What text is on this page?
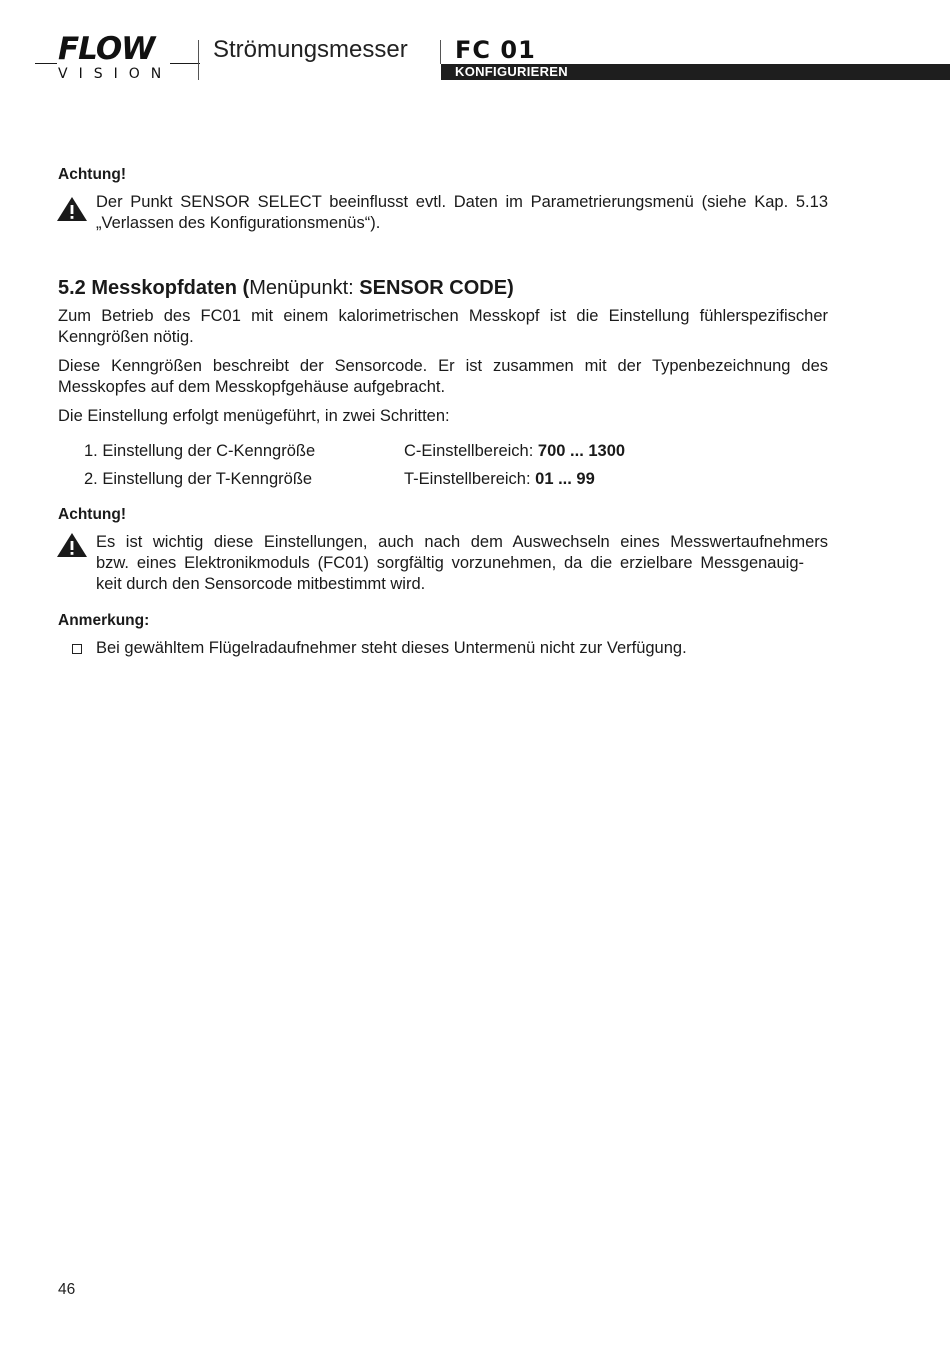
FLOW
VISION
Strömungsmesser FC 01
KONFIGURIEREN
Achtung!
Der Punkt SENSOR SELECT beeinflusst evtl. Daten im Parametrierungsmenü (siehe Kap. 5.13 „Verlassen des Konfigurationsmenüs“).
5.2 Messkopfdaten (Menüpunkt: SENSOR CODE)
Zum Betrieb des FC01 mit einem kalorimetrischen Messkopf ist die Einstellung fühlerspezifischer Kenngrößen nötig.
Diese Kenngrößen beschreibt der Sensorcode. Er ist zusammen mit der Typenbezeichnung des Messkopfes auf dem Messkopfgehäuse aufgebracht.
Die Einstellung erfolgt menügeführt, in zwei Schritten:
1. Einstellung der C-Kenngröße	C-Einstellbereich: 700 ... 1300
2. Einstellung der T-Kenngröße	T-Einstellbereich: 01 ... 99
Achtung!
Es ist wichtig diese Einstellungen, auch nach dem Auswechseln eines Messwertaufnehmers
bzw. eines Elektronikmoduls (FC01) sorgfältig vorzunehmen, da die erzielbare Messgenauig-
keit durch den Sensorcode mitbestimmt wird.
Anmerkung:
Bei gewähltem Flügelradaufnehmer steht dieses Untermenü nicht zur Verfügung.
46
